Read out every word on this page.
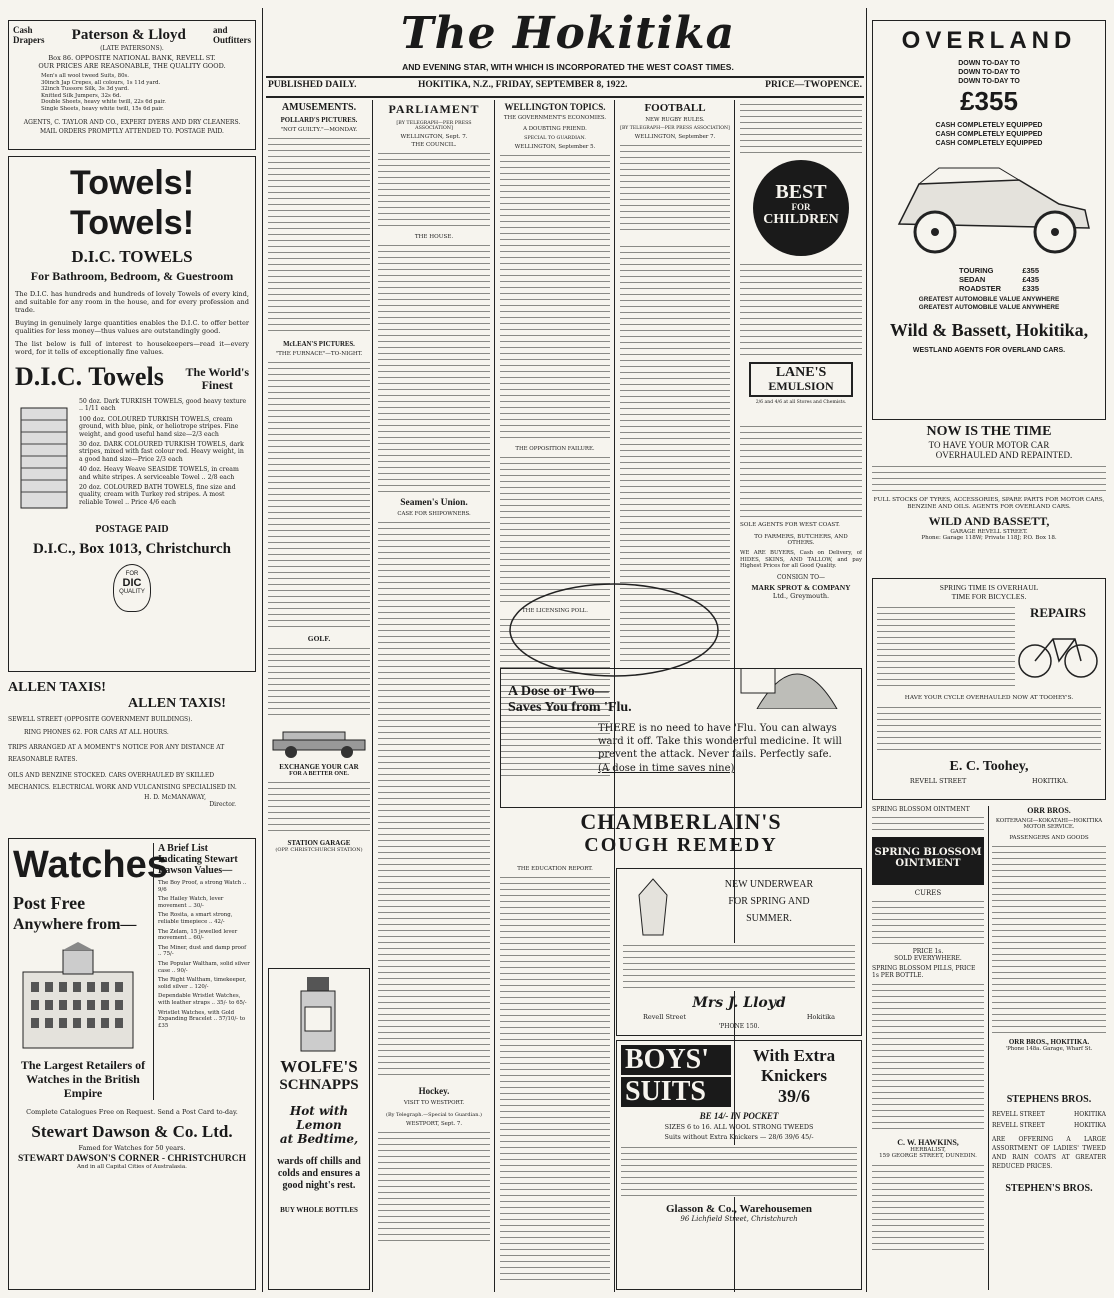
The Hokitika
AND EVENING STAR, WITH WHICH IS INCORPORATED THE WEST COAST TIMES.
PUBLISHED DAILY.	HOKITIKA, N.Z., FRIDAY, SEPTEMBER 8, 1922.	PRICE—TWOPENCE.
Cash
Drapers Paterson & Lloyd	and
Outfitters
(LATE PATERSONS).
Box 86. OPPOSITE NATIONAL BANK, REVELL ST.
OUR PRICES ARE REASONABLE, THE QUALITY GOOD.
Men's all wool tweed Suits, 80s.
30inch Jap Crepes, all colours, 1s 11d yard.
32inch Tussore Silk, 3s 3d yard.
Knitted Silk Jumpers, 32s 6d.
Double Sheets, heavy white twill, 22s 6d pair.
Single Sheets, heavy white twill, 15s 6d pair.
AGENTS, C. TAYLOR AND CO., EXPERT DYERS AND DRY CLEANERS.
MAIL ORDERS PROMPTLY ATTENDED TO. POSTAGE PAID.
Towels! Towels!
D.I.C. TOWELS
For Bathroom, Bedroom, & Guestroom
The D.I.C. has hundreds and hundreds of lovely Towels of every kind, and suitable for any room in the house, and for every profession and trade.
Buying in genuinely large quantities enables the D.I.C. to offer better qualities for less money—thus values are outstandingly good.
The list below is full of interest to housekeepers—read it—every word, for it tells of exceptionally fine values.
D.I.C. Towels The World's
Finest
50 doz. Dark TURKISH TOWELS, good heavy texture .. 1/11 each
100 doz. COLOURED TURKISH TOWELS, cream ground, with blue, pink, or heliotrope stripes. Fine weight, and good useful hand size—2/3 each
30 doz. DARK COLOURED TURKISH TOWELS, dark stripes, mixed with fast colour red. Heavy weight, in a good hand size—Price 2/3 each
40 doz. Heavy Weave SEASIDE TOWELS, in cream and white stripes. A serviceable Towel .. 2/8 each
20 doz. COLOURED BATH TOWELS, fine size and quality, cream with Turkey red stripes. A most reliable Towel .. Price 4/6 each
POSTAGE PAID
D.I.C., Box 1013, Christchurch
FOR
DIC
QUALITY
ALLEN TAXIS!
ALLEN TAXIS!
SEWELL STREET (OPPOSITE GOVERNMENT BUILDINGS).
RING PHONES 62. FOR CARS AT ALL HOURS.
TRIPS ARRANGED AT A MOMENT'S NOTICE FOR ANY DISTANCE AT REASONABLE RATES.
OILS AND BENZINE STOCKED. CARS OVERHAULED BY SKILLED MECHANICS. ELECTRICAL WORK AND VULCANISING SPECIALISED IN.
H. D. McMANAWAY,
Director.
Watches
Post Free
Anywhere from—
The Largest Retailers of Watches in the British Empire
A Brief List Indicating Stewart Dawson Values—
The Boy Proof, a strong Watch .. 9/6
The Hailey Watch, lever movement .. 30/-
The Rosita, a smart strong, reliable timepiece .. 42/-
The Zelam, 15 jewelled lever movement .. 60/-
The Miner, dust and damp proof .. 75/-
The Popular Waltham, solid silver case .. 90/-
The Right Waltham, timekeeper, solid silver .. 120/-
Dependable Wristlet Watches, with leather straps .. 35/- to 65/-
Wristlet Watches, with Gold Expanding Bracelet .. 57/10/- to £35
Complete Catalogues Free on Request. Send a Post Card to-day.
Stewart Dawson & Co. Ltd.
Famed for Watches for 50 years.
STEWART DAWSON'S CORNER - CHRISTCHURCH
And in all Capital Cities of Australasia.
AMUSEMENTS.
POLLARD'S PICTURES.
"NOT GUILTY."—MONDAY.
McLEAN'S PICTURES.
"THE FURNACE"—TO-NIGHT.
GOLF.
EXCHANGE YOUR CAR
FOR A BETTER ONE.
STATION GARAGE
(OPP. CHRISTCHURCH STATION)
WOLFE'S
SCHNAPPS
Hot with Lemon
at Bedtime,
wards off chills and colds and ensures a good night's rest.
BUY WHOLE BOTTLES
PARLIAMENT
[BY TELEGRAPH—PER PRESS ASSOCIATION]
WELLINGTON, Sept. 7.
THE COUNCIL.
THE HOUSE.
Seamen's Union.
CASE FOR SHIPOWNERS.
Hockey.
VISIT TO WESTPORT.
(By Telegraph.—Special to Guardian.)
WESTPORT, Sept. 7.
WELLINGTON TOPICS.
THE GOVERNMENT'S ECONOMIES.
A DOUBTING FRIEND.
SPECIAL TO GUARDIAN.
WELLINGTON, September 5.
THE OPPOSITION FAILURE.
THE LICENSING POLL.
FOOTBALL
NEW RUGBY RULES.
[BY TELEGRAPH—PER PRESS ASSOCIATION]
WELLINGTON, September 7.
BEST
FOR
CHILDREN
LANE'S
EMULSION
2/6 and 4/6 at all Stores and Chemists.
SOLE AGENTS FOR WEST COAST.
TO FARMERS, BUTCHERS, AND OTHERS.
WE ARE BUYERS, Cash on Delivery, of HIDES, SKINS, AND TALLOW, and pay Highest Prices for all Good Quality.
CONSIGN TO—
MARK SPROT & COMPANY
Ltd., Greymouth.
A Dose or Two—
Saves You from 'Flu.
THERE is no need to have 'Flu. You can always ward it off. Take this wonderful medicine. It will prevent the attack. Never fails. Perfectly safe.
(A dose in time saves nine)
CHAMBERLAIN'S
COUGH REMEDY
THE EDUCATION REPORT.
NEW UNDERWEAR
FOR SPRING AND
SUMMER.
Mrs J. Lloyd
Revell Street	Hokitika
'PHONE 150.
BOYS'
SUITS
With Extra
Knickers
39/6
BE 14/- IN POCKET
SIZES 6 to 16. ALL WOOL STRONG TWEEDS
Suits without Extra Knickers — 28/6 39/6 45/-
Glasson & Co., Warehousemen
96 Lichfield Street, Christchurch
OVERLAND
DOWN TO-DAY TO
DOWN TO-DAY TO
DOWN TO-DAY TO
£355
CASH COMPLETELY EQUIPPED
CASH COMPLETELY EQUIPPED
CASH COMPLETELY EQUIPPED
TOURING	£355
SEDAN	£435
ROADSTER	£335
GREATEST AUTOMOBILE VALUE ANYWHERE
GREATEST AUTOMOBILE VALUE ANYWHERE
Wild & Bassett, Hokitika,
WESTLAND AGENTS FOR OVERLAND CARS.
NOW IS THE TIME
TO HAVE YOUR MOTOR CAR
OVERHAULED AND REPAINTED.
FULL STOCKS OF TYRES, ACCESSORIES, SPARE PARTS FOR MOTOR CARS, BENZINE AND OILS. AGENTS FOR OVERLAND CARS.
WILD AND BASSETT,
GARAGE REVELL STREET.
Phone: Garage 118W; Private 118J; P.O. Box 18.
SPRING TIME IS OVERHAUL
TIME FOR BICYCLES.
REPAIRS
HAVE YOUR CYCLE OVERHAULED NOW AT TOOHEY'S.
E. C. Toohey,
REVELL STREET	HOKITIKA.
SPRING BLOSSOM OINTMENT
SPRING BLOSSOM OINTMENT
CURES
PRICE 1s.
SOLD EVERYWHERE.
SPRING BLOSSOM PILLS, PRICE 1s PER BOTTLE.
C. W. HAWKINS,
HERBALIST,
159 GEORGE STREET, DUNEDIN.
ORR BROS.
KOITERANGI—KOKATAHI—HOKITIKA MOTOR SERVICE.
PASSENGERS AND GOODS
ORR BROS., HOKITIKA.
'Phone 148a. Garage, Wharf St.
STEPHENS BROS.
REVELL STREET	HOKITIKA
REVELL STREET	HOKITIKA
ARE OFFERING A LARGE ASSORTMENT OF LADIES' TWEED AND RAIN COATS AT GREATER REDUCED PRICES.
STEPHEN'S BROS.
